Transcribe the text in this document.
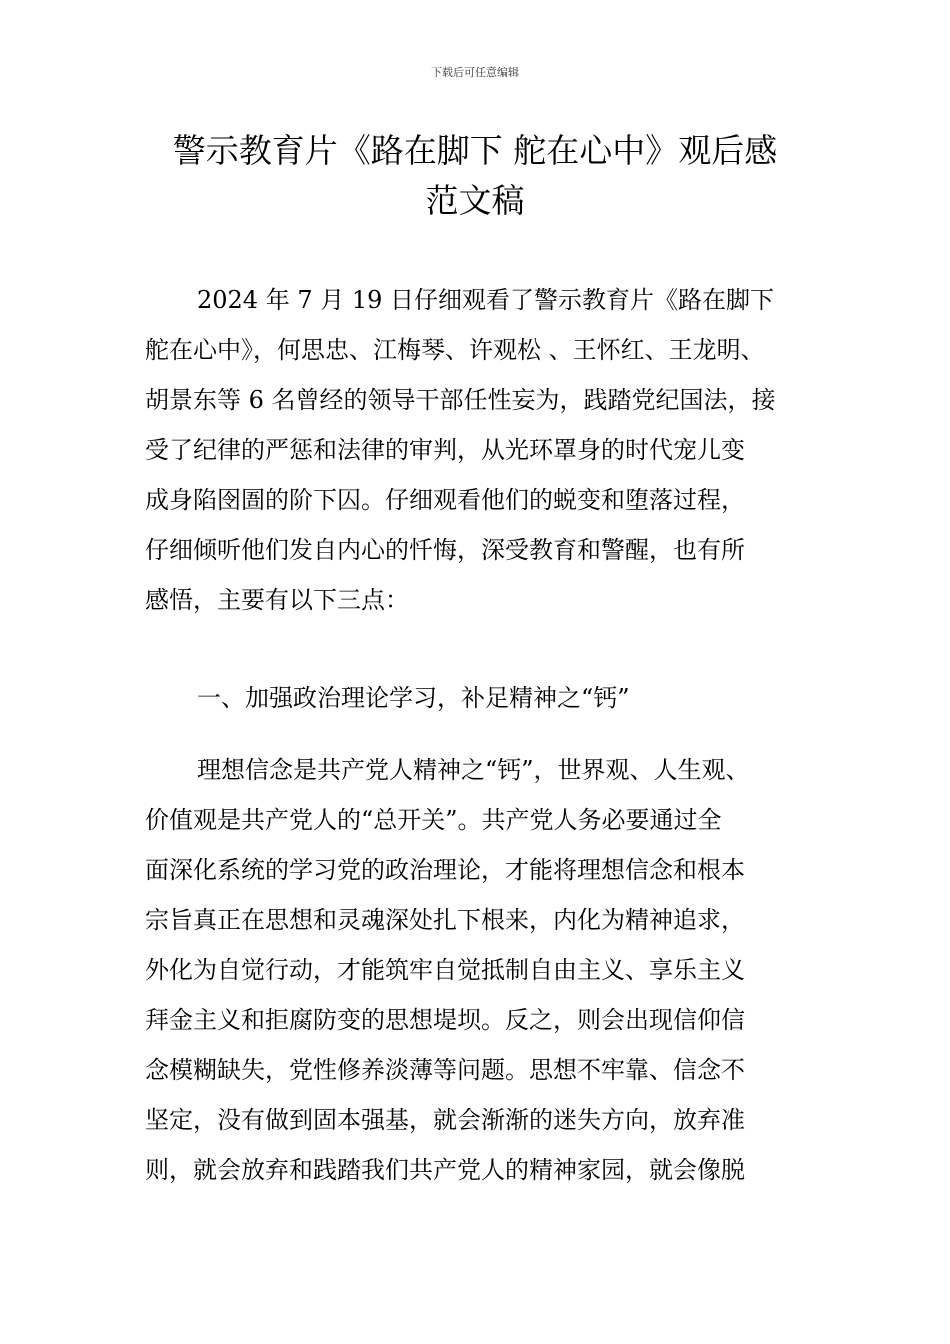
下载后可任意编辑
警示教育片《路在脚下 舵在心中》观后感
范文稿
2024 年 7 月 19 日仔细观看了警示教育片《路在脚下
舵在心中》，何思忠、江梅琴、许观松 、王怀红、王龙明、
胡景东等 6 名曾经的领导干部任性妄为，践踏党纪国法，接
受了纪律的严惩和法律的审判，从光环罩身的时代宠儿变
成身陷囹圄的阶下囚。仔细观看他们的蜕变和堕落过程，
仔细倾听他们发自内心的忏悔，深受教育和警醒，也有所
感悟，主要有以下三点：
一、加强政治理论学习，补足精神之“钙”
理想信念是共产党人精神之“钙”，世界观、人生观、
价值观是共产党人的“总开关”。共产党人务必要通过全
面深化系统的学习党的政治理论，才能将理想信念和根本
宗旨真正在思想和灵魂深处扎下根来，内化为精神追求，
外化为自觉行动，才能筑牢自觉抵制自由主义、享乐主义
拜金主义和拒腐防变的思想堤坝。反之，则会出现信仰信
念模糊缺失，党性修养淡薄等问题。思想不牢靠、信念不
坚定，没有做到固本强基，就会渐渐的迷失方向，放弃准
则，就会放弃和践踏我们共产党人的精神家园，就会像脱
